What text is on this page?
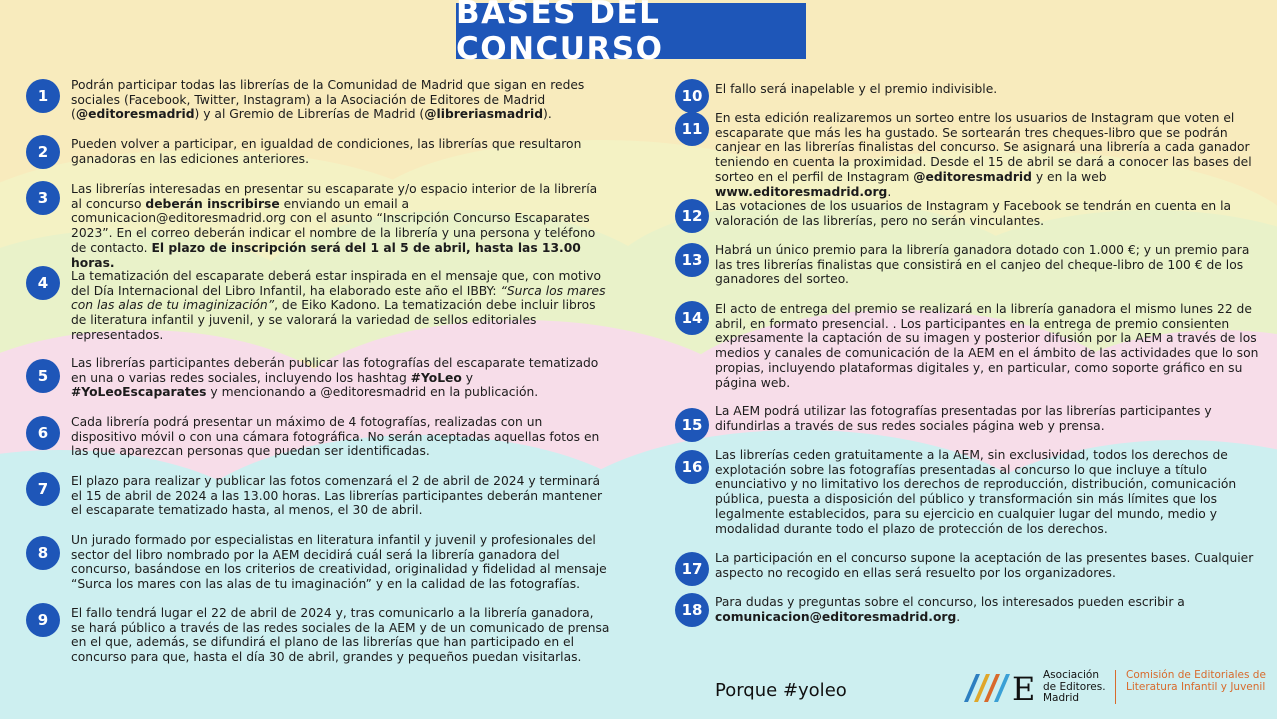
BASES DEL CONCURSO
1
Podrán participar todas las librerías de la Comunidad de Madrid que sigan en redes sociales (Facebook, Twitter, Instagram) a la Asociación de Editores de Madrid (@editoresmadrid) y al Gremio de Librerías de Madrid (@libreriasmadrid).
2	Pueden volver a participar, en igualdad de condiciones, las librerías que resultaron ganadoras en las ediciones anteriores.
3	Las librerías interesadas en presentar su escaparate y/o espacio interior de la librería al concurso deberán inscribirse enviando un email a comunicacion@editoresmadrid.org con el asunto “Inscripción Concurso Escaparates 2023”. En el correo deberán indicar el nombre de la librería y una persona y teléfono de contacto. El plazo de inscripción será del 1 al 5 de abril, hasta las 13.00 horas.
4	La tematización del escaparate deberá estar inspirada en el mensaje que, con motivo del Día Internacional del Libro Infantil, ha elaborado este año el IBBY: “Surca los mares con las alas de tu imaginización”, de Eiko Kadono. La tematización debe incluir libros de literatura infantil y juvenil, y se valorará la variedad de sellos editoriales representados.
5
Las librerías participantes deberán publicar las fotografías del escaparate tematizado en una o varias redes sociales, incluyendo los hashtag #YoLeo y #YoLeoEscaparates y mencionando a @editoresmadrid en la publicación.
6
Cada librería podrá presentar un máximo de 4 fotografías, realizadas con un dispositivo móvil o con una cámara fotográfica. No serán aceptadas aquellas fotos en las que aparezcan personas que puedan ser identificadas.
7	El plazo para realizar y publicar las fotos comenzará el 2 de abril de 2024 y terminará el 15 de abril de 2024 a las 13.00 horas. Las librerías participantes deberán mantener el escaparate tematizado hasta, al menos, el 30 de abril.
8
Un jurado formado por especialistas en literatura infantil y juvenil y profesionales del sector del libro nombrado por la AEM decidirá cuál será la librería ganadora del concurso, basándose en los criterios de creatividad, originalidad y fidelidad al mensaje “Surca los mares con las alas de tu imaginación” y en la calidad de las fotografías.
9	El fallo tendrá lugar el 22 de abril de 2024 y, tras comunicarlo a la librería ganadora, se hará público a través de las redes sociales de la AEM y de un comunicado de prensa en el que, además, se difundirá el plano de las librerías que han participado en el concurso para que, hasta el día 30 de abril, grandes y pequeños puedan visitarlas.
10	El fallo será inapelable y el premio indivisible.
11
En esta edición realizaremos un sorteo entre los usuarios de Instagram que voten el escaparate que más les ha gustado. Se sortearán tres cheques-libro que se podrán canjear en las librerías finalistas del concurso. Se asignará una librería a cada ganador teniendo en cuenta la proximidad. Desde el 15 de abril se dará a conocer las bases del sorteo en el perfil de Instagram @editoresmadrid y en la web www.editoresmadrid.org.
12
Las votaciones de los usuarios de Instagram y Facebook se tendrán en cuenta en la valoración de las librerías, pero no serán vinculantes.
13
Habrá un único premio para la librería ganadora dotado con 1.000 €; y un premio para las tres librerías finalistas que consistirá en el canjeo del cheque-libro de 100 € de los ganadores del sorteo.
14	El acto de entrega del premio se realizará en la librería ganadora el mismo lunes 22 de abril, en formato presencial. . Los participantes en la entrega de premio consienten expresamente la captación de su imagen y posterior difusión por la AEM a través de los medios y canales de comunicación de la AEM en el ámbito de las actividades que lo son propias, incluyendo plataformas digitales y, en particular, como soporte gráfico en su página web.
15
La AEM podrá utilizar las fotografías presentadas por las librerías participantes y difundirlas a través de sus redes sociales página web y prensa.
16
Las librerías ceden gratuitamente a la AEM, sin exclusividad, todos los derechos de explotación sobre las fotografías presentadas al concurso lo que incluye a título enunciativo y no limitativo los derechos de reproducción, distribución, comunicación pública, puesta a disposición del público y transformación sin más límites que los legalmente establecidos, para su ejercicio en cualquier lugar del mundo, medio y modalidad durante todo el plazo de protección de los derechos.
17
La participación en el concurso supone la aceptación de las presentes bases. Cualquier aspecto no recogido en ellas será resuelto por los organizadores.
18	Para dudas y preguntas sobre el concurso, los interesados pueden escribir a comunicacion@editoresmadrid.org.
Porque #yoleo	E Asociación de Editores. Madrid
Comisión de Editoriales de Literatura Infantil y Juvenil
